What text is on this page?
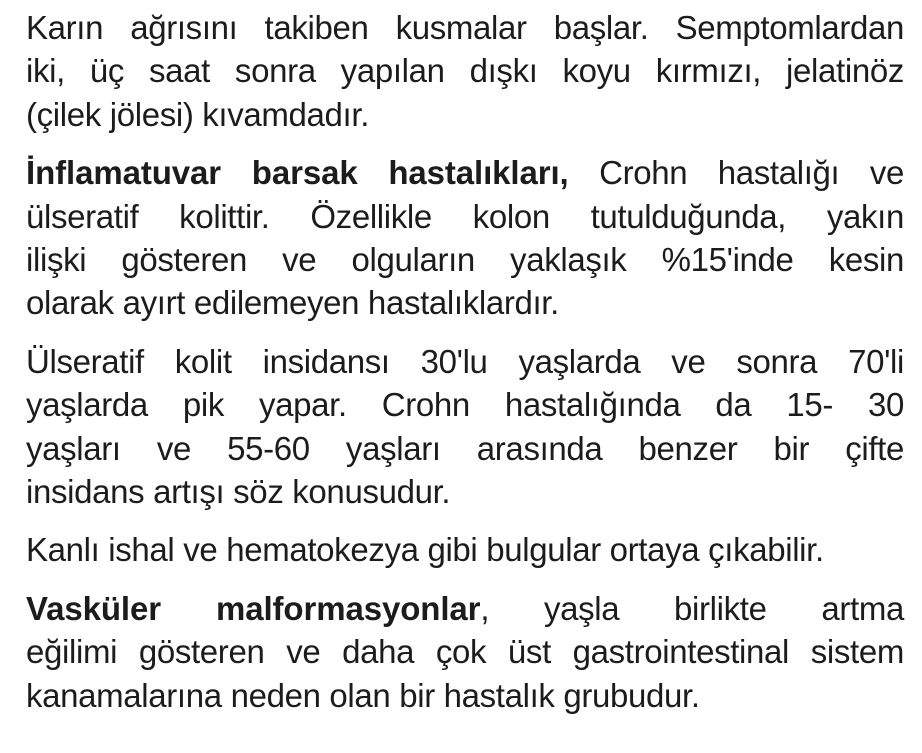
Karın ağrısını takiben kusmalar başlar. Semptomlardan
iki, üç saat sonra yapılan dışkı koyu kırmızı, jelatinöz
(çilek jölesi) kıvamdadır.

İnflamatuvar barsak hastalıkları, Crohn hastalığı ve
ülseratif kolittir. Özellikle kolon tutulduğunda, yakın
ilişki gösteren ve olguların yaklaşık %15'inde kesin
olarak ayırt edilemeyen hastalıklardır.

Ülseratif kolit insidansı 30'lu yaşlarda ve sonra 70'li
yaşlarda pik yapar. Crohn hastalığında da 15- 30
yaşları ve 55-60 yaşları arasında benzer bir çifte
insidans artışı söz konusudur.

Kanlı ishal ve hematokezya gibi bulgular ortaya çıkabilir.

Vasküler malformasyonlar, yaşla birlikte artma
eğilimi gösteren ve daha çok üst gastrointestinal sistem
kanamalarına neden olan bir hastalık grubudur.
